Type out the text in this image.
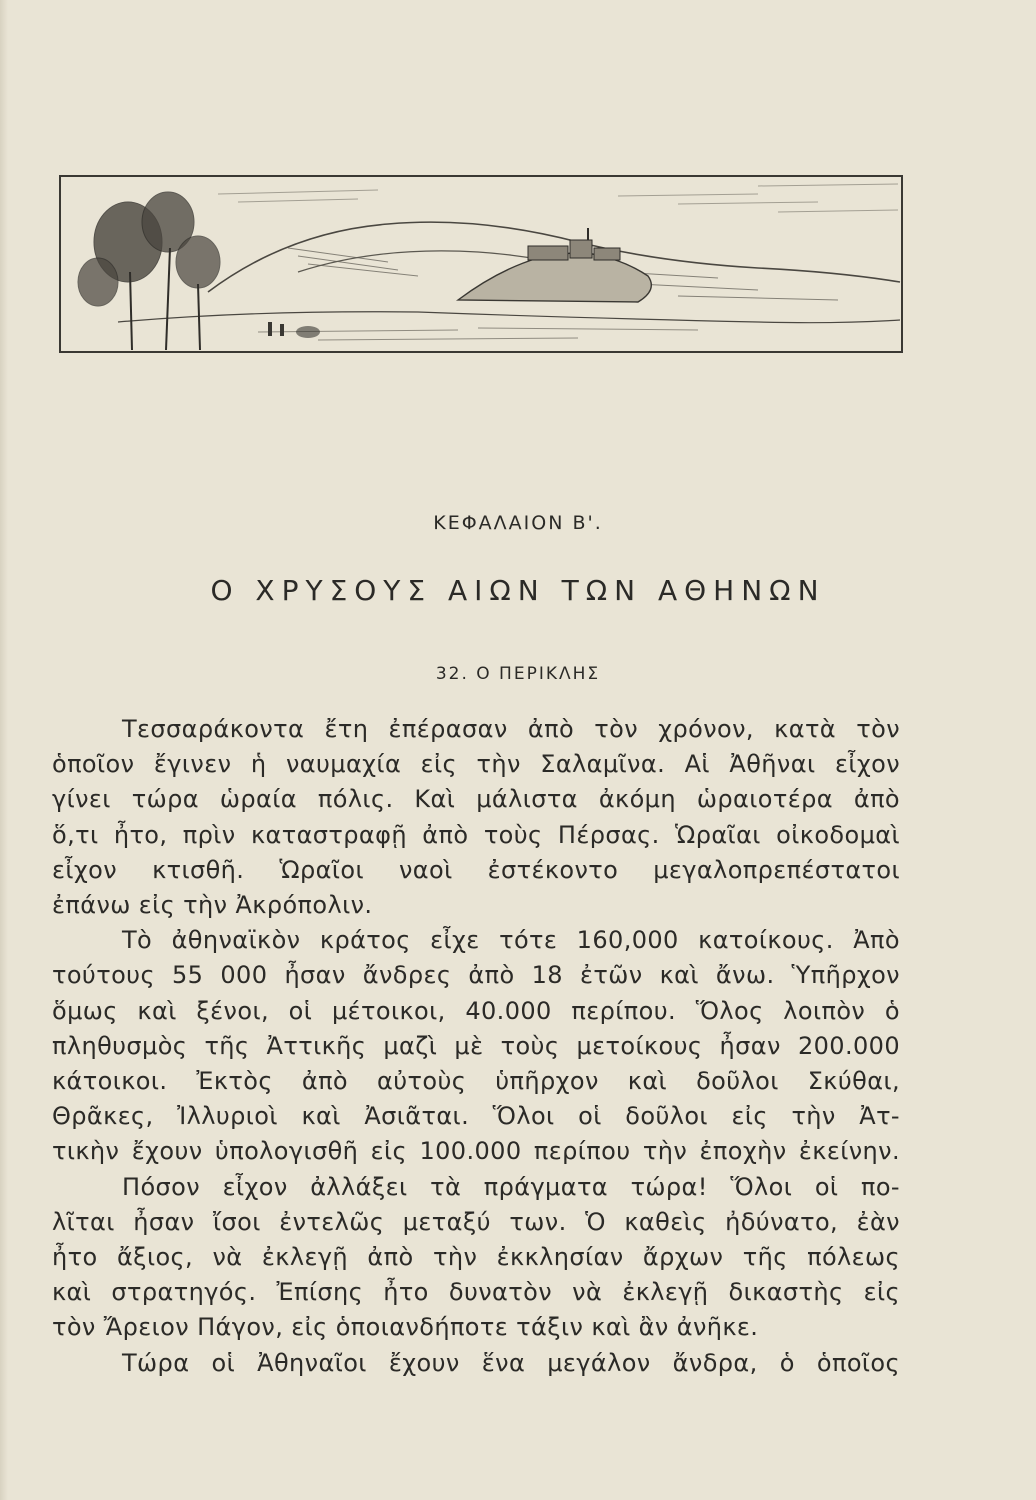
ΚΕΦΑΛΑΙΟΝ Β'.
Ο ΧΡΥΣΟΥΣ ΑΙΩΝ ΤΩΝ ΑΘΗΝΩΝ
32. Ο ΠΕΡΙΚΛΗΣ
Τεσσαράκοντα ἔτη ἐπέρασαν ἀπὸ τὸν χρόνον, κατὰ τὸν
ὁποῖον ἔγινεν ἡ ναυμαχία εἰς τὴν Σαλαμῖνα. Αἱ Ἀθῆναι εἶχον
γίνει τώρα ὡραία πόλις. Καὶ μάλιστα ἀκόμη ὡραιοτέρα ἀπὸ
ὅ,τι ἦτο, πρὶν καταστραφῇ ἀπὸ τοὺς Πέρσας. Ὡραῖαι οἰκοδομαὶ
εἶχον κτισθῆ. Ὡραῖοι ναοὶ ἐστέκοντο μεγαλοπρεπέστατοι
ἐπάνω εἰς τὴν Ἀκρόπολιν.
Τὸ ἀθηναϊκὸν κράτος εἶχε τότε 160,000 κατοίκους. Ἀπὸ
τούτους 55 000 ἦσαν ἄνδρες ἀπὸ 18 ἐτῶν καὶ ἄνω. Ὑπῆρχον
ὅμως καὶ ξένοι, οἱ μέτοικοι, 40.000 περίπου. Ὅλος λοιπὸν ὁ
πληθυσμὸς τῆς Ἀττικῆς μαζὶ μὲ τοὺς μετοίκους ἦσαν 200.000
κάτοικοι. Ἐκτὸς ἀπὸ αὐτοὺς ὑπῆρχον καὶ δοῦλοι Σκύθαι,
Θρᾶκες, Ἰλλυριοὶ καὶ Ἀσιᾶται. Ὅλοι οἱ δοῦλοι εἰς τὴν Ἀτ-
τικὴν ἔχουν ὑπολογισθῆ εἰς 100.000 περίπου τὴν ἐποχὴν ἐκείνην.
Πόσον εἶχον ἀλλάξει τὰ πράγματα τώρα! Ὅλοι οἱ πο-
λῖται ἦσαν ἴσοι ἐντελῶς μεταξύ των. Ὁ καθεὶς ἠδύνατο, ἐὰν
ἦτο ἄξιος, νὰ ἐκλεγῇ ἀπὸ τὴν ἐκκλησίαν ἄρχων τῆς πόλεως
καὶ στρατηγός. Ἐπίσης ἦτο δυνατὸν νὰ ἐκλεγῇ δικαστὴς εἰς
τὸν Ἄρειον Πάγον, εἰς ὁποιανδήποτε τάξιν καὶ ἂν ἀνῆκε.
Τώρα οἱ Ἀθηναῖοι ἔχουν ἕνα μεγάλον ἄνδρα, ὁ ὁποῖος
